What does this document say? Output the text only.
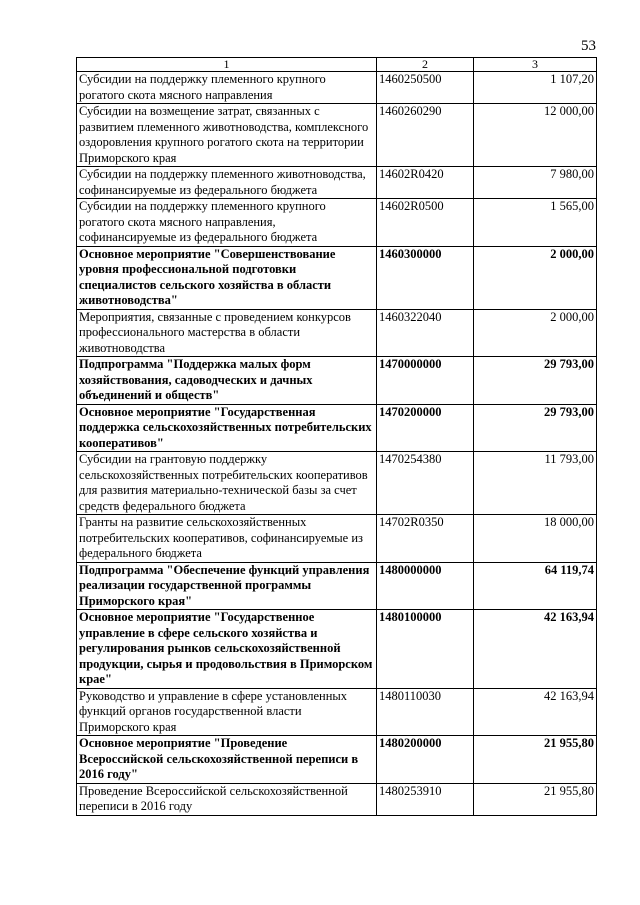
53
1	2	3
Субсидии на поддержку племенного крупного рогатого скота мясного направления	1460250500	1 107,20
Субсидии на возмещение затрат, связанных с развитием племенного животноводства, комплексного оздоровления крупного рогатого скота на территории Приморского края	1460260290	12 000,00
Субсидии на поддержку племенного животноводства, софинансируемые из федерального бюджета	14602R0420	7 980,00
Субсидии на поддержку племенного крупного рогатого скота мясного направления, софинансируемые из федерального бюджета	14602R0500	1 565,00
Основное мероприятие "Совершенствование уровня профессиональной подготовки специалистов сельского хозяйства в области животноводства"	1460300000	2 000,00
Мероприятия, связанные с проведением конкурсов профессионального мастерства в области животноводства	1460322040	2 000,00
Подпрограмма "Поддержка малых форм хозяйствования, садоводческих и дачных объединений и обществ"	1470000000	29 793,00
Основное мероприятие "Государственная поддержка сельскохозяйственных потребительских кооперативов"	1470200000	29 793,00
Субсидии на грантовую поддержку сельскохозяйственных потребительских кооперативов для развития материально-технической базы за счет средств федерального бюджета	1470254380	11 793,00
Гранты на развитие сельскохозяйственных потребительских кооперативов, софинансируемые из федерального бюджета	14702R0350	18 000,00
Подпрограмма "Обеспечение функций управления реализации государственной программы Приморского края"	1480000000	64 119,74
Основное мероприятие "Государственное управление в сфере сельского хозяйства и регулирования рынков сельскохозяйственной продукции, сырья и продовольствия в Приморском крае"	1480100000	42 163,94
Руководство и управление в сфере установленных функций органов государственной власти Приморского края	1480110030	42 163,94
Основное мероприятие "Проведение Всероссийской сельскохозяйственной переписи в 2016 году"	1480200000	21 955,80
Проведение Всероссийской сельскохозяйственной переписи в 2016 году	1480253910	21 955,80
